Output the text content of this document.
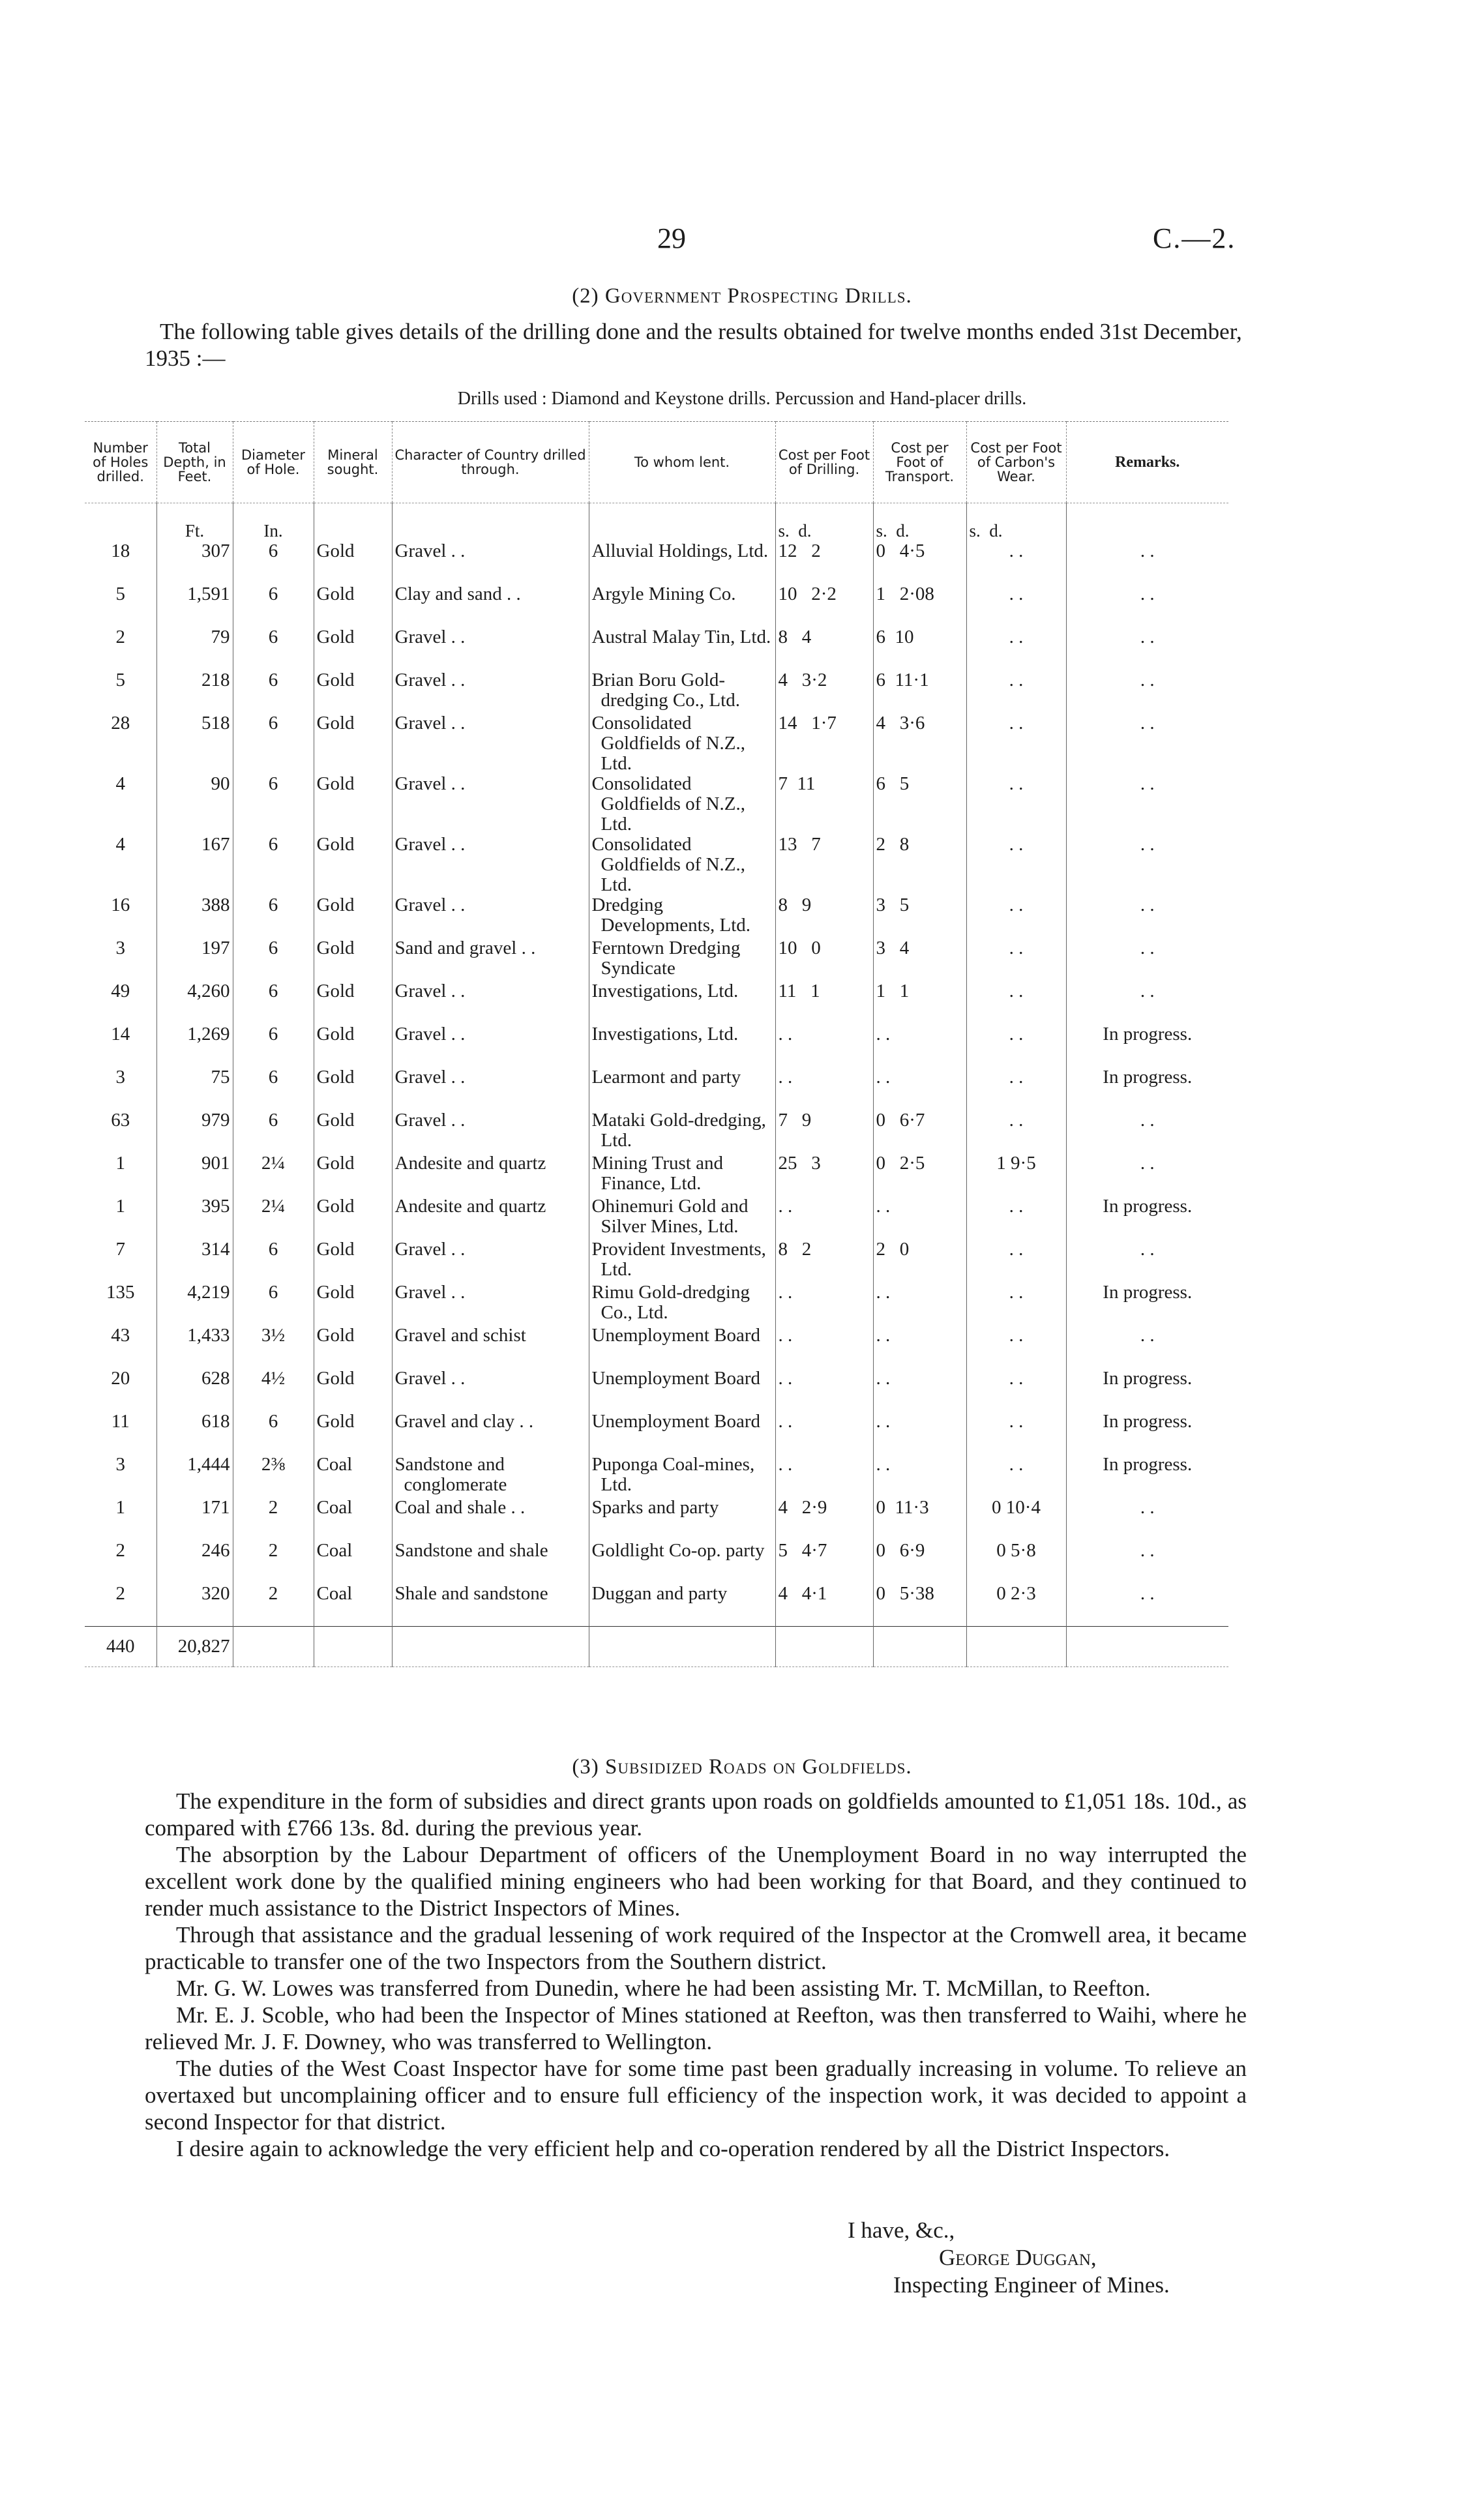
29	C.—2.
(2) Government Prospecting Drills.

The following table gives details of the drilling done and the results obtained for twelve months ended 31st December, 1935 :—

Drills used : Diamond and Keystone drills. Percussion and Hand-placer drills.
Number of Holes drilled.	Total Depth, in Feet.	Diameter of Hole.	Mineral sought.	Character of Country drilled through.	To whom lent.	Cost per Foot of Drilling.	Cost per Foot of Transport.	Cost per Foot of Carbon's Wear.	Remarks.
	Ft.	In.				s.  d.	s.  d.	s.  d.	
18	307	6	Gold	Gravel . .	Alluvial Holdings, Ltd.	12   2	0   4·5	. .	. .
5	1,591	6	Gold	Clay and sand . .	Argyle Mining Co.	10   2·2	1   2·08	. .	. .
2	79	6	Gold	Gravel . .	Austral Malay Tin, Ltd.	8   4	6  10	. .	. .
5	218	6	Gold	Gravel . .	Brian Boru Gold-dredging Co., Ltd.	4   3·2	6  11·1	. .	. .
28	518	6	Gold	Gravel . .	Consolidated Goldfields of N.Z., Ltd.	14   1·7	4   3·6	. .	. .
4	90	6	Gold	Gravel . .	Consolidated Goldfields of N.Z., Ltd.	7  11	6   5	. .	. .
4	167	6	Gold	Gravel . .	Consolidated Goldfields of N.Z., Ltd.	13   7	2   8	. .	. .
16	388	6	Gold	Gravel . .	Dredging Developments, Ltd.	8   9	3   5	. .	. .
3	197	6	Gold	Sand and gravel . .	Ferntown Dredging Syndicate	10   0	3   4	. .	. .
49	4,260	6	Gold	Gravel . .	Investigations, Ltd.	11   1	1   1	. .	. .
14	1,269	6	Gold	Gravel . .	Investigations, Ltd.	. .	. .	. .	In progress.
3	75	6	Gold	Gravel . .	Learmont and party	. .	. .	. .	In progress.
63	979	6	Gold	Gravel . .	Mataki Gold-dredging, Ltd.	7   9	0   6·7	. .	. .
1	901	2¼	Gold	Andesite and quartz	Mining Trust and Finance, Ltd.	25   3	0   2·5	1 9·5	. .
1	395	2¼	Gold	Andesite and quartz	Ohinemuri Gold and Silver Mines, Ltd.	. .	. .	. .	In progress.
7	314	6	Gold	Gravel . .	Provident Investments, Ltd.	8   2	2   0	. .	. .
135	4,219	6	Gold	Gravel . .	Rimu Gold-dredging Co., Ltd.	. .	. .	. .	In progress.
43	1,433	3½	Gold	Gravel and schist	Unemployment Board	. .	. .	. .	. .
20	628	4½	Gold	Gravel . .	Unemployment Board	. .	. .	. .	In progress.
11	618	6	Gold	Gravel and clay . .	Unemployment Board	. .	. .	. .	In progress.
3	1,444	2⅜	Coal	Sandstone and conglomerate	Puponga Coal-mines, Ltd.	. .	. .	. .	In progress.
1	171	2	Coal	Coal and shale . .	Sparks and party	4   2·9	0  11·3	0 10·4	. .
2	246	2	Coal	Sandstone and shale	Goldlight Co-op. party	5   4·7	0   6·9	0 5·8	. .
2	320	2	Coal	Shale and sandstone	Duggan and party	4   4·1	0   5·38	0 2·3	. .
440	20,827								
(3) Subsidized Roads on Goldfields.

The expenditure in the form of subsidies and direct grants upon roads on goldfields amounted to £1,051 18s. 10d., as compared with £766 13s. 8d. during the previous year.

The absorption by the Labour Department of officers of the Unemployment Board in no way interrupted the excellent work done by the qualified mining engineers who had been working for that Board, and they continued to render much assistance to the District Inspectors of Mines.

Through that assistance and the gradual lessening of work required of the Inspector at the Cromwell area, it became practicable to transfer one of the two Inspectors from the Southern district.

Mr. G. W. Lowes was transferred from Dunedin, where he had been assisting Mr. T. McMillan, to Reefton.

Mr. E. J. Scoble, who had been the Inspector of Mines stationed at Reefton, was then transferred to Waihi, where he relieved Mr. J. F. Downey, who was transferred to Wellington.

The duties of the West Coast Inspector have for some time past been gradually increasing in volume. To relieve an overtaxed but uncomplaining officer and to ensure full efficiency of the inspection work, it was decided to appoint a second Inspector for that district.

I desire again to acknowledge the very efficient help and co-operation rendered by all the District Inspectors.

I have, &c.,
George Duggan,
Inspecting Engineer of Mines.
